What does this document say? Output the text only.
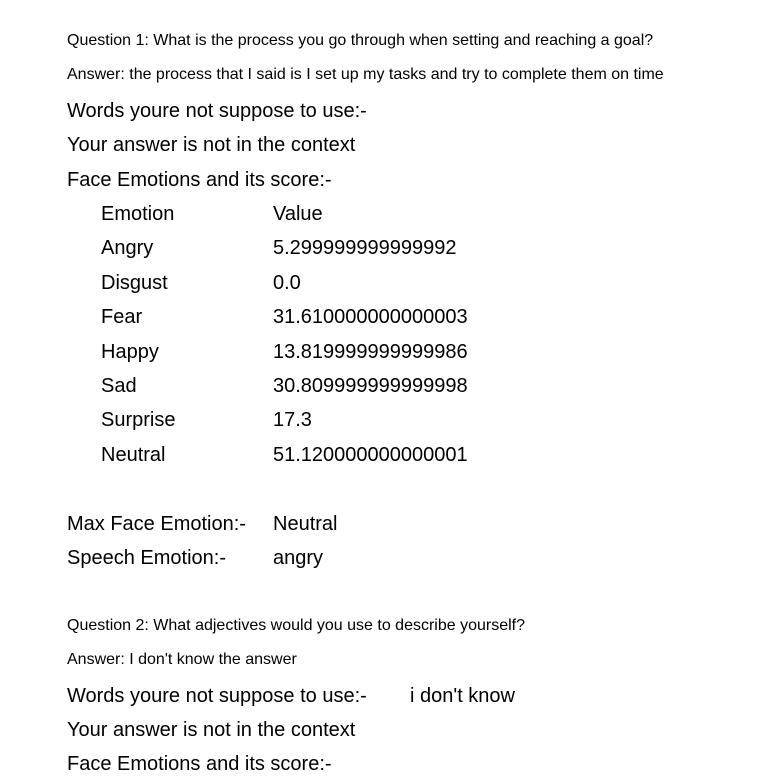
Question 1: What is the process you go through when setting and reaching a goal?
Answer: the process that I said is I set up my tasks and try to complete them on time
Words youre not suppose to use:-
Your answer is not in the context
Face Emotions and its score:-
Emotion	Value
Angry	5.299999999999992
Disgust	0.0
Fear	31.610000000000003
Happy	13.819999999999986
Sad	30.809999999999998
Surprise	17.3
Neutral	51.120000000000001
Max Face Emotion:- Neutral
Speech Emotion:- angry
Question 2: What adjectives would you use to describe yourself?
Answer: I don't know the answer
Words youre not suppose to use:- i don't know
Your answer is not in the context
Face Emotions and its score:-
